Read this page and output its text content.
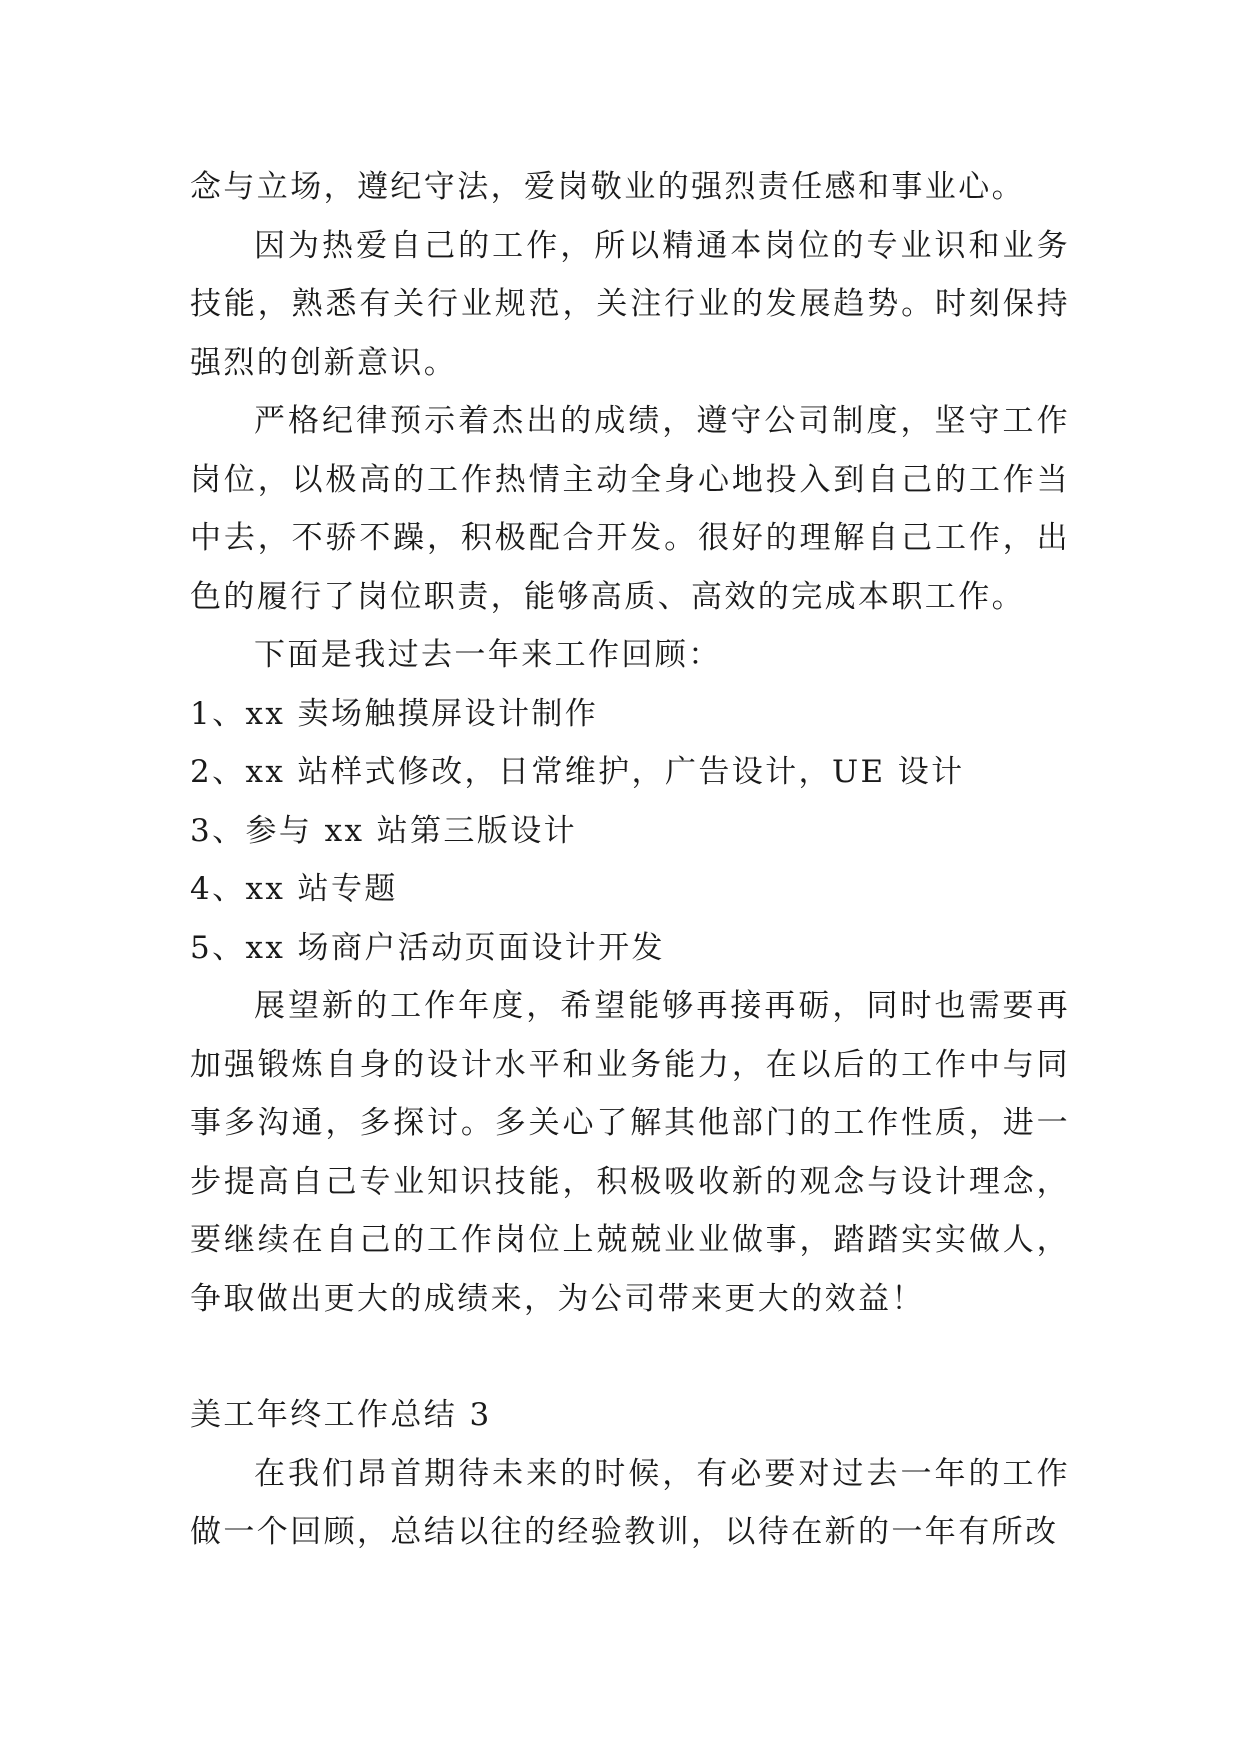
念与立场，遵纪守法，爱岗敬业的强烈责任感和事业心。

因为热爱自己的工作，所以精通本岗位的专业识和业务技能，熟悉有关行业规范，关注行业的发展趋势。时刻保持强烈的创新意识。

严格纪律预示着杰出的成绩，遵守公司制度，坚守工作岗位，以极高的工作热情主动全身心地投入到自己的工作当中去，不骄不躁，积极配合开发。很好的理解自己工作，出色的履行了岗位职责，能够高质、高效的完成本职工作。

下面是我过去一年来工作回顾：

1、xx 卖场触摸屏设计制作

2、xx 站样式修改，日常维护，广告设计，UE 设计

3、参与 xx 站第三版设计

4、xx 站专题

5、xx 场商户活动页面设计开发

展望新的工作年度，希望能够再接再砺，同时也需要再加强锻炼自身的设计水平和业务能力，在以后的工作中与同事多沟通，多探讨。多关心了解其他部门的工作性质，进一步提高自己专业知识技能，积极吸收新的观念与设计理念，要继续在自己的工作岗位上兢兢业业做事，踏踏实实做人，争取做出更大的成绩来，为公司带来更大的效益！

美工年终工作总结 3

在我们昂首期待未来的时候，有必要对过去一年的工作做一个回顾，总结以往的经验教训，以待在新的一年有所改
